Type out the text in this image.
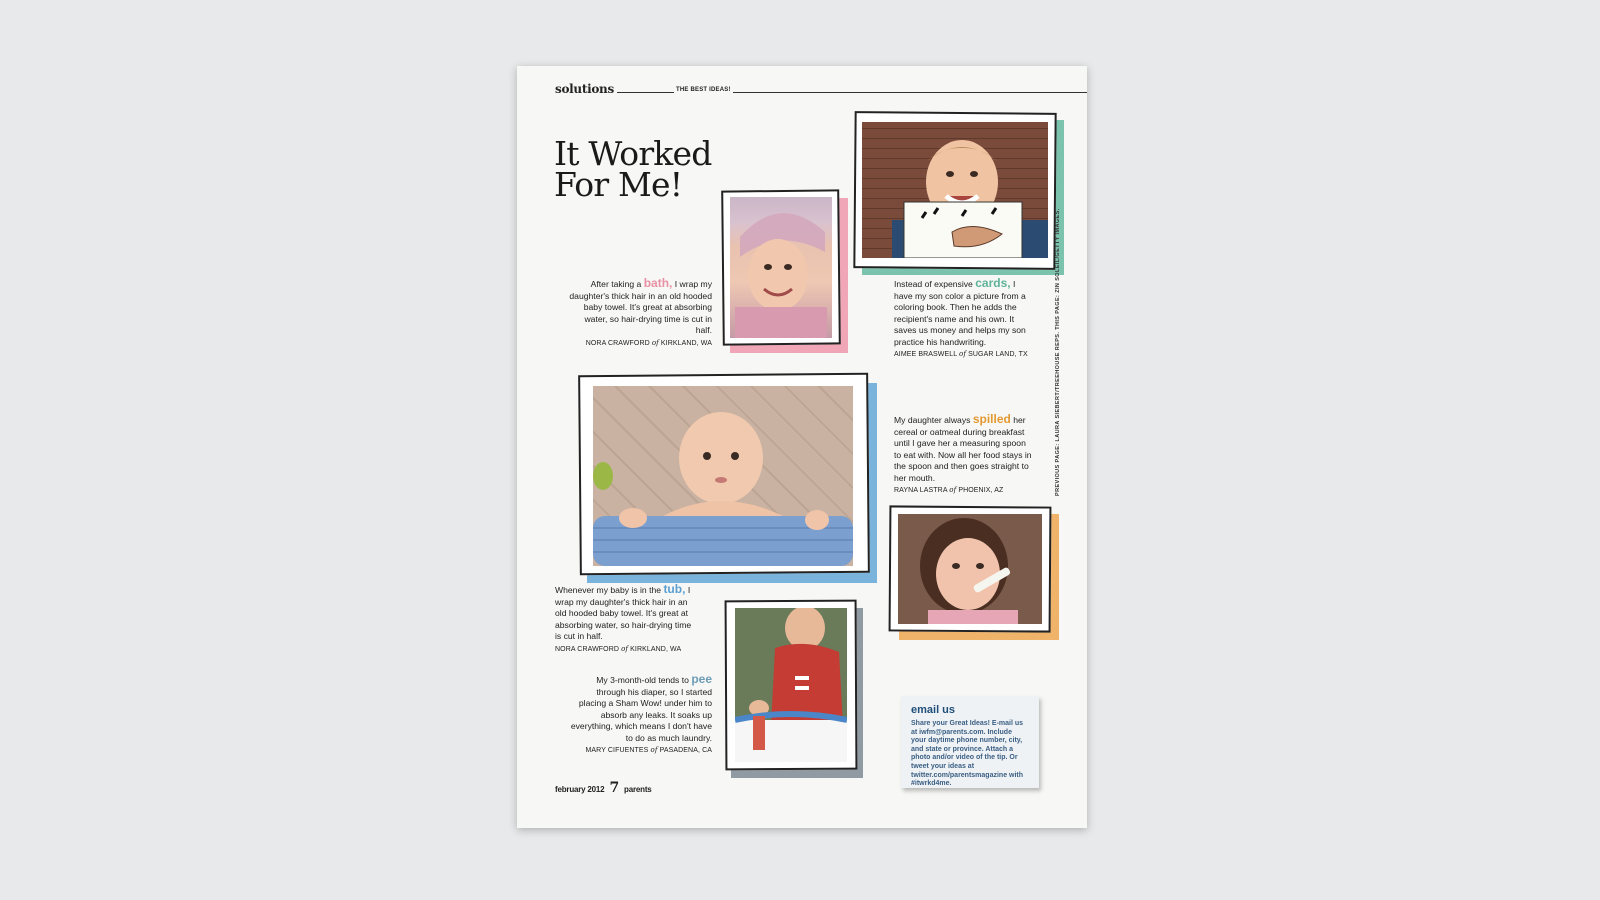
solutions	THE BEST IDEAS!
It Worked For Me!
After taking a bath, I wrap my daughter's thick hair in an old hooded baby towel. It's great at absorbing water, so hair-drying time is cut in half.
NORA CRAWFORD of KIRKLAND, WA
Instead of expensive cards, I have my son color a picture from a coloring book. Then he adds the recipient's name and his own. It saves us money and helps my son practice his handwriting.
AIMEE BRASWELL of SUGAR LAND, TX
My daughter always spilled her cereal or oatmeal during breakfast until I gave her a measuring spoon to eat with. Now all her food stays in the spoon and then goes straight to her mouth.
RAYNA LASTRA of PHOENIX, AZ
Whenever my baby is in the tub, I wrap my daughter's thick hair in an old hooded baby towel. It's great at absorbing water, so hair-drying time is cut in half.
NORA CRAWFORD of KIRKLAND, WA
My 3-month-old tends to pee through his diaper, so I started placing a Sham Wow! under him to absorb any leaks. It soaks up everything, which means I don't have to do as much laundry.
MARY CIFUENTES of PASADENA, CA
email us
Share your Great Ideas! E-mail us at iwfm@parents.com. Include your daytime phone number, city, and state or province. Attach a photo and/or video of the tip. Or tweet your ideas at twitter.com/parentsmagazine with #itwrkd4me.
PREVIOUS PAGE: LAURA SIEBERT/TREEHOUSE REPS. THIS PAGE: ZIN SOLEIL/GETTY IMAGES.
february 2012 7 parents
